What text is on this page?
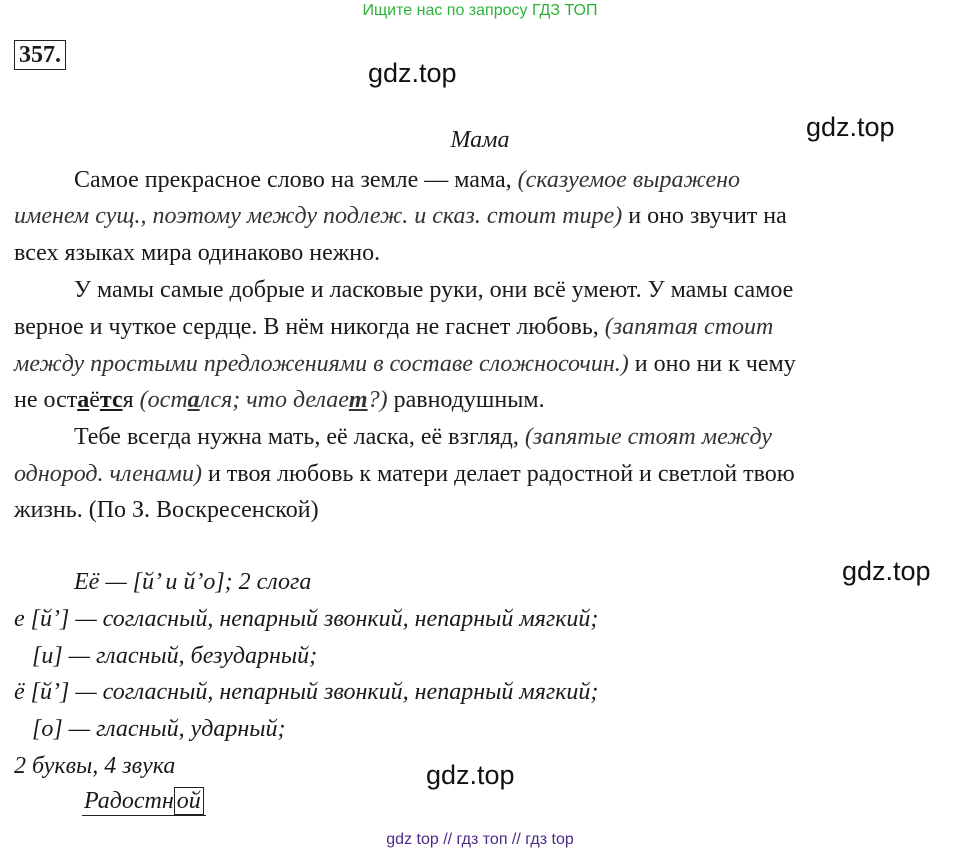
Ищите нас по запросу ГДЗ ТОП
357.
gdz.top
gdz.top
Мама
Самое прекрасное слово на земле — мама, (сказуемое выражено
именем сущ., поэтому между подлеж. и сказ. стоит тире) и оно звучит на
всех языках мира одинаково нежно.
У мамы самые добрые и ласковые руки, они всё умеют. У мамы самое
верное и чуткое сердце. В нём никогда не гаснет любовь, (запятая стоит
между простыми предложениями в составе сложносочин.) и оно ни к чему
не остаётся (остался; что делает?) равнодушным.
Тебе всегда нужна мать, её ласка, её взгляд, (запятые стоят между
однород. членами) и твоя любовь к матери делает радостной и светлой твою
жизнь. (По З. Воскресенской)
Её — [й’ и й’о]; 2 слога	gdz.top
е [й’] — согласный, непарный звонкий, непарный мягкий;
[и] — гласный, безударный;
ё [й’] — согласный, непарный звонкий, непарный мягкий;
[о] — гласный, ударный;
2 буквы, 4 звука	gdz.top
Радостн ой
gdz top // гдз топ // гдз top
